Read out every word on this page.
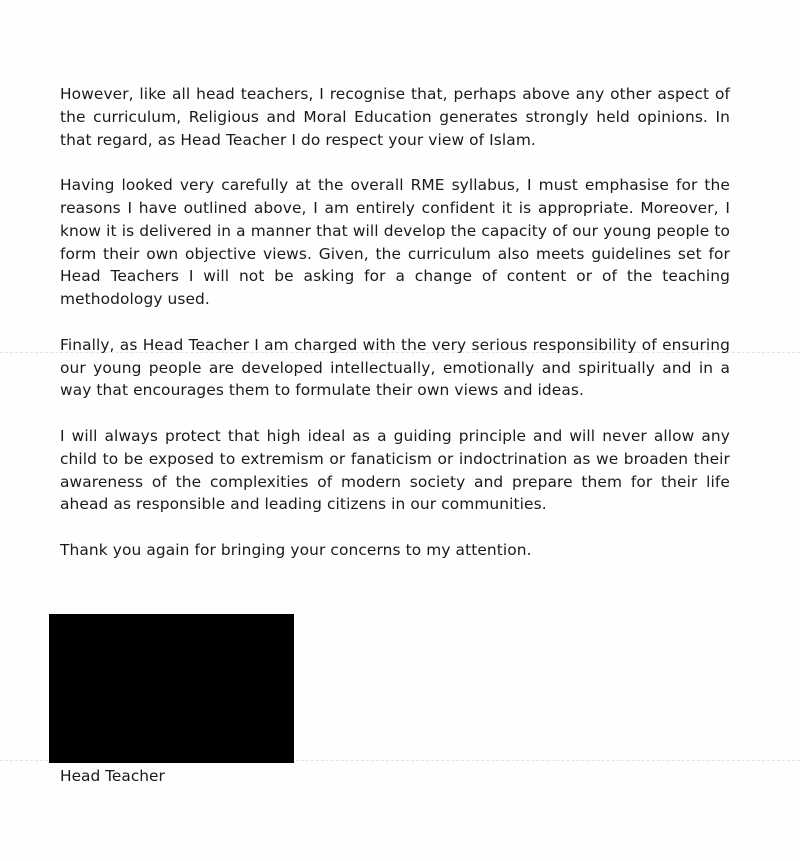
However, like all head teachers, I recognise that, perhaps above any other aspect of the curriculum, Religious and Moral Education generates strongly held opinions. In that regard, as Head Teacher I do respect your view of Islam.

Having looked very carefully at the overall RME syllabus, I must emphasise for the reasons I have outlined above, I am entirely confident it is appropriate. Moreover, I know it is delivered in a manner that will develop the capacity of our young people to form their own objective views. Given, the curriculum also meets guidelines set for Head Teachers I will not be asking for a change of content or of the teaching methodology used.

Finally, as Head Teacher I am charged with the very serious responsibility of ensuring our young people are developed intellectually, emotionally and spiritually and in a way that encourages them to formulate their own views and ideas.

I will always protect that high ideal as a guiding principle and will never allow any child to be exposed to extremism or fanaticism or indoctrination as we broaden their awareness of the complexities of modern society and prepare them for their life ahead as responsible and leading citizens in our communities.

Thank you again for bringing your concerns to my attention.

Head Teacher
